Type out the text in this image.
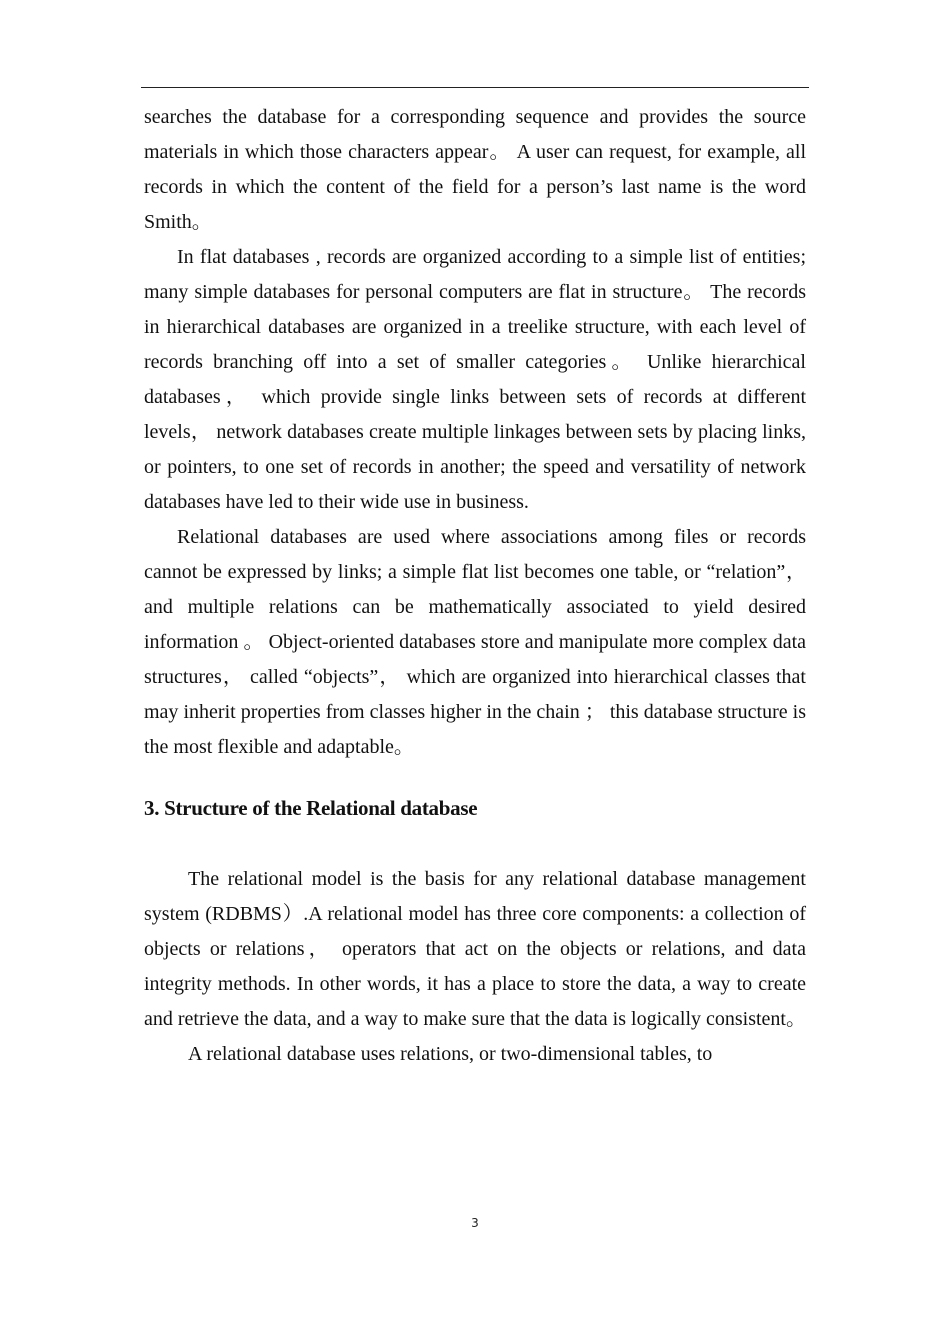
searches the database for a corresponding sequence and provides the source materials in which those characters appear。 A user can request, for example, all records in which the content of the field for a person’s last name is the word Smith。

In flat databases , records are organized according to a simple list of entities; many simple databases for personal computers are flat in structure。 The records in hierarchical databases are organized in a treelike structure, with each level of records branching off into a set of smaller categories。 Unlike hierarchical databases， which provide single links between sets of records at different levels， network databases create multiple linkages between sets by placing links, or pointers, to one set of records in another; the speed and versatility of network databases have led to their wide use in business.

Relational databases are used where associations among files or records cannot be expressed by links; a simple flat list becomes one table, or “relation”， and multiple relations can be mathematically associated to yield desired information 。 Object-oriented databases store and manipulate more complex data structures， called “objects”， which are organized into hierarchical classes that may inherit properties from classes higher in the chain ； this database structure is the most flexible and adaptable。

3. Structure of the Relational database

The relational model is the basis for any relational database management system (RDBMS）.A relational model has three core components: a collection of objects or relations， operators that act on the objects or relations, and data integrity methods. In other words, it has a place to store the data, a way to create and retrieve the data, and a way to make sure that the data is logically consistent。

A relational database uses relations, or two-dimensional tables, to

3
